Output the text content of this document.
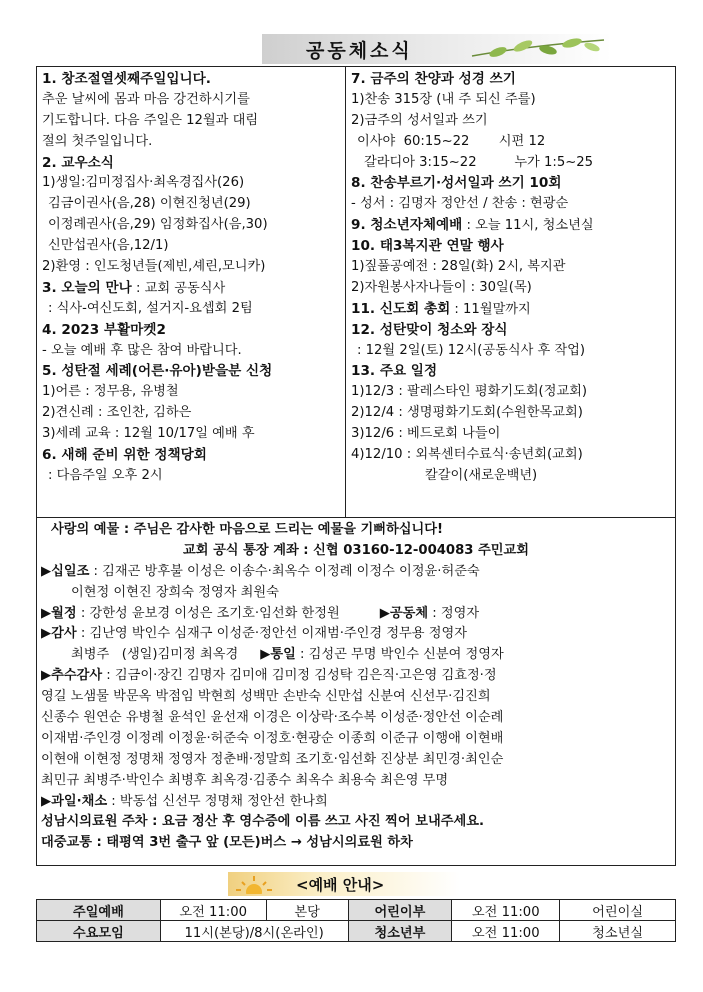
공동체소식
1. 창조절열셋째주일입니다.
추운 날씨에 몸과 마음 강건하시기를
기도합니다. 다음 주일은 12월과 대림
절의 첫주일입니다.
2. 교우소식
1)생일:김미정집사·최옥경집사(26)
김금이권사(음,28) 이현진청년(29)
이정례권사(음,29) 임정화집사(음,30)
신만섭권사(음,12/1)
2)환영 : 인도청년들(제빈,셰린,모니카)
3. 오늘의 만나 : 교회 공동식사
: 식사-여신도회, 설거지-요셉회 2팀
4. 2023 부활마켓2
- 오늘 예배 후 많은 참여 바랍니다.
5. 성탄절 세례(어른·유아)받을분 신청
1)어른 : 정무용, 유병철
2)견신례 : 조인찬, 김하은
3)세례 교육 : 12월 10/17일 예배 후
6. 새해 준비 위한 정책당회
: 다음주일 오후 2시
7. 금주의 찬양과 성경 쓰기
1)찬송 315장 (내 주 되신 주를)
2)금주의 성서일과 쓰기
이사야  60:15~22       시편 12
갈라디아 3:15~22         누가 1:5~25
8. 찬송부르기·성서일과 쓰기 10회
- 성서 : 김명자 정안선 / 찬송 : 현광순
9. 청소년자체예배 : 오늘 11시, 청소년실
10. 태3복지관 연말 행사
1)짚풀공예전 : 28일(화) 2시, 복지관
2)자원봉사자나들이 : 30일(목)
11. 신도회 총회 : 11월말까지
12. 성탄맞이 청소와 장식
: 12월 2일(토) 12시(공동식사 후 작업)
13. 주요 일정
1)12/3 : 팔레스타인 평화기도회(정교회)
2)12/4 : 생명평화기도회(수원한목교회)
3)12/6 : 베드로회 나들이
4)12/10 : 외복센터수료식·송년회(교회)
칼갈이(새로운백년)
사랑의 예물 : 주님은 감사한 마음으로 드리는 예물을 기뻐하십니다!
교회 공식 통장 계좌 : 신협 03160-12-004083 주민교회
▶십일조 : 김재곤 방후불 이성은 이송수·최옥수 이정례 이정수 이정윤·허준숙
이현정 이현진 장희숙 정영자 최원숙
▶월정 : 강한성 윤보경 이성은 조기호·임선화 한정원	▶공동체 : 정영자
▶감사 : 김난영 박인수 심재구 이성준·정안선 이재범·주인경 정무용 정영자
최병주   (생일)김미정 최옥경 ▶통일 : 김성곤 무명 박인수 신분여 정영자
▶추수감사 : 김금이·장긴 김명자 김미애 김미정 김성탁 김은직·고은영 김효정·정
영길 노샘물 박문옥 박점임 박현희 성백만 손반숙 신만섭 신분여 신선무·김진희
신종수 원연순 유병철 윤석인 윤선재 이경은 이상락·조수복 이성준·정안선 이순례
이재범·주인경 이정례 이정윤·허준숙 이정호·현광순 이종희 이준규 이행애 이현배
이현애 이현정 정명채 정영자 정춘배·정말희 조기호·임선화 진상분 최민경·최인순
최민규 최병주·박인수 최병후 최옥경·김종수 최옥수 최용숙 최은영 무명
▶과일·채소 : 박동섭 신선무 정명채 정안선 한나희
성남시의료원 주차 : 요금 정산 후 영수증에 이름 쓰고 사진 찍어 보내주세요.
대중교통 : 태평역 3번 출구 앞 (모든)버스 → 성남시의료원 하차
<예배 안내>
주일예배	오전 11:00	본당	어린이부	오전 11:00	어린이실
수요모임	11시(본당)/8시(온라인)		청소년부	오전 11:00	청소년실
